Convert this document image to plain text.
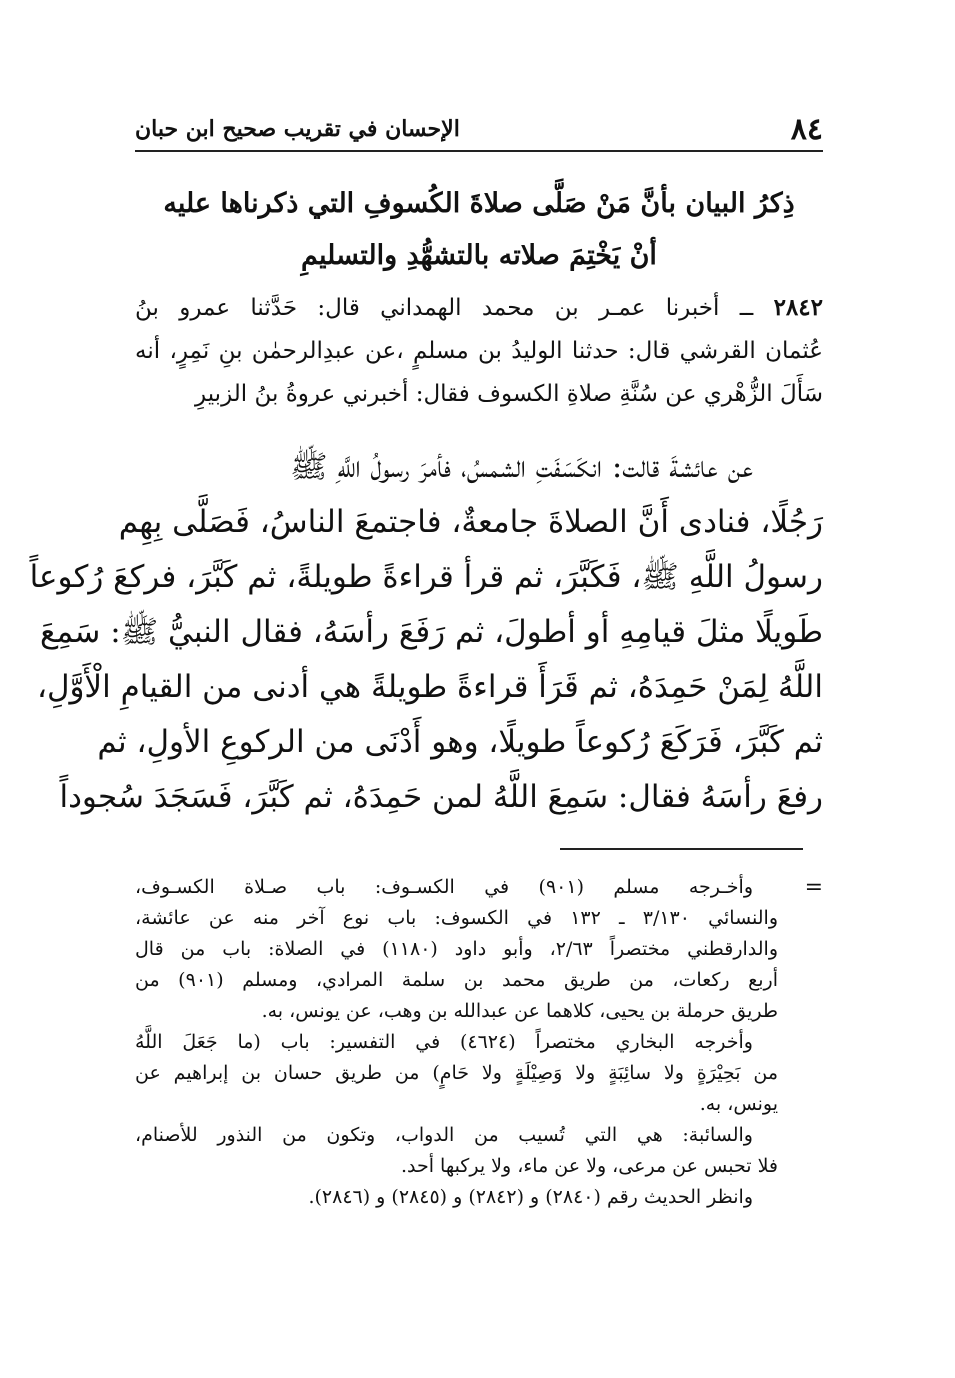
٨٤
الإحسان في تقريب صحيح ابن حبان
ذِكرُ البيان بأنَّ مَنْ صَلَّى صلاةَ الكُسوفِ التي ذكرناها عليه
أنْ يَخْتِمَ صلاته بالتشهُّدِ والتسليمِ
٢٨٤٢ ــ أخبرنا عمـر بن محمد الهمداني قال: حَدَّثنا عمرو بنُ
عُثمان القرشي قال: حدثنا الوليدُ بن مسلمٍ ،عن عبدِالرحمٰن بنِ نَمِرٍ، أنه
سَأَلَ الزُّهْري عن سُنَّةِ صلاةِ الكسوف فقال: أخبرني عروةُ بنُ الزبيرِ
عن عائشةَ قالت: انكَسَفَتِ الشمسُ، فأمرَ رسولُ اللَّهِ ﷺ
رَجُلًا، فنادى أَنَّ الصلاةَ جامعةٌ، فاجتمعَ الناسُ، فَصَلَّى بِهِم
رسولُ اللَّهِ ﷺ، فَكَبَّرَ، ثم قرأ قراءةً طويلةً، ثم كَبَّرَ، فركعَ رُكوعاً
طَويلًا مثلَ قيامِهِ أو أطولَ، ثم رَفَعَ رأسَهُ، فقال النبيُّ ﷺ: سَمِعَ
اللَّهُ لِمَنْ حَمِدَهُ، ثم قَرَأَ قراءةً طويلةً هي أدنى من القيامِ الْأَوَّلِ،
ثم كَبَّرَ، فَرَكَعَ رُكوعاً طويلًا، وهو أَدْنَى من الركوعِ الأولِ، ثم
رفعَ رأسَهُ فقال: سَمِعَ اللَّهُ لمن حَمِدَهُ، ثم كَبَّرَ، فَسَجَدَ سُجوداً
=
وأخـرجه مسلم (٩٠١) في الكسـوف: باب صـلاة الكسـوف،
والنسائي ٣/١٣٠ ـ ١٣٢ في الكسوف: باب نوع آخر منه عن عائشة،
والدارقطني مختصراً ٢/٦٣، وأبو داود (١١٨٠) في الصلاة: باب من قال
أربع ركعات، من طريق محمد بن سلمة المرادي، ومسلم (٩٠١) من
طريق حرملة بن يحيى، كلاهما عن عبدالله بن وهب، عن يونس، به.
وأخرجه البخاري مختصراً (٤٦٢٤) في التفسير: باب (ما جَعَلَ اللَّهُ
من بَحِيْرَةٍ ولا سائِبَةٍ ولا وَصِيْلَةٍ ولا حَامٍ) من طريق حسان بن إبراهيم عن
يونس، به.
والسائبة: هي التي تُسيب من الدواب، وتكون من النذور للأصنام،
فلا تحبس عن مرعى، ولا عن ماء، ولا يركبها أحد.
وانظر الحديث رقم (٢٨٤٠) و (٢٨٤٢) و (٢٨٤٥) و (٢٨٤٦).
